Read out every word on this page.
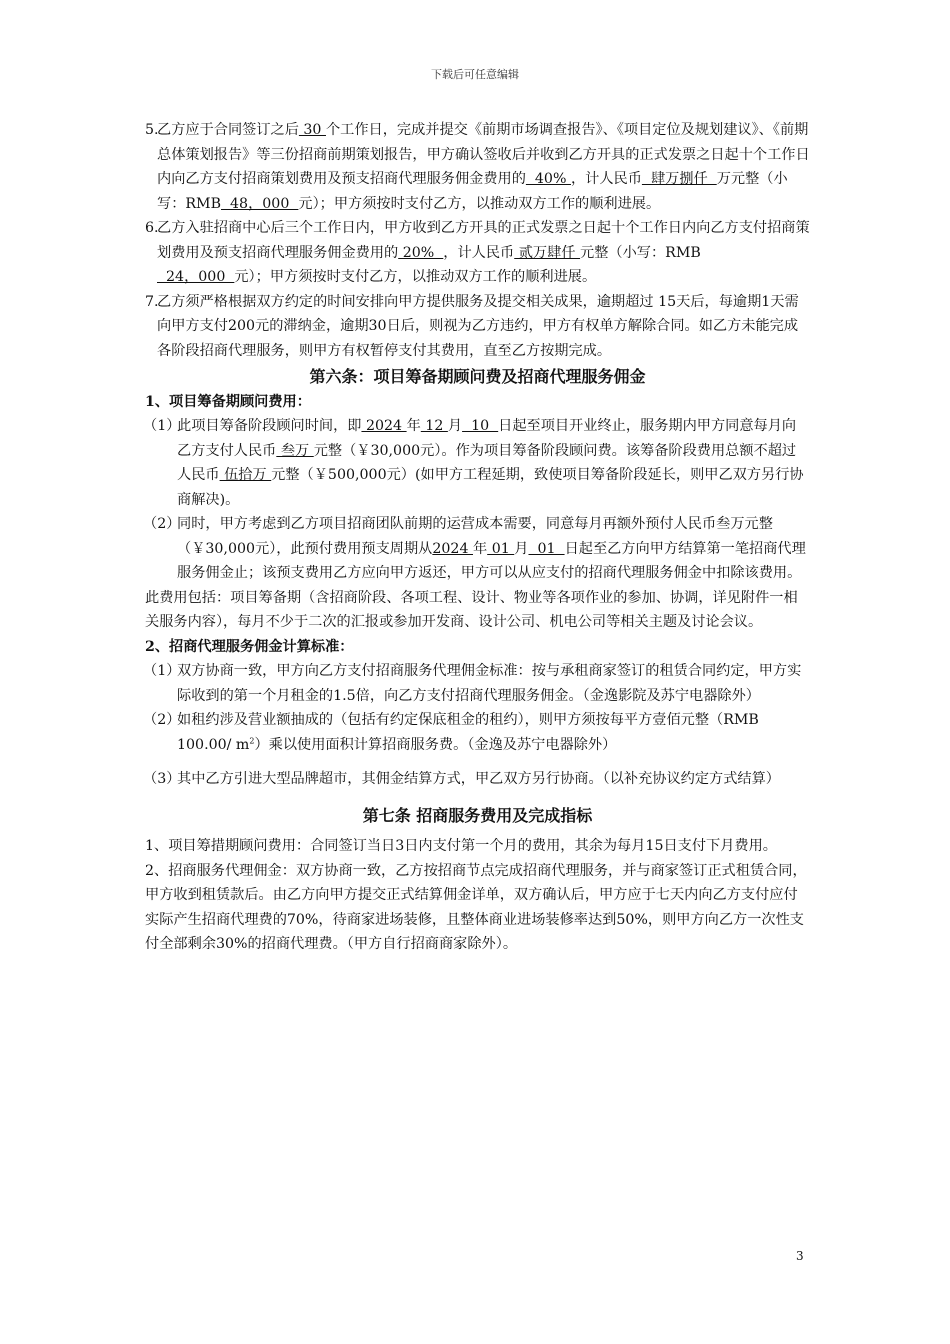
下载后可任意编辑
5.
乙方应于合同签订之后 30 个工作日，完成并提交《前期市场调查报告》、《项目定位及规划建议》、《前期总体策划报告》等三份招商前期策划报告，甲方确认签收后并收到乙方开具的正式发票之日起十个工作日内向乙方支付招商策划费用及预支招商代理服务佣金费用的  40% ，计人民币  肆万捌仟  万元整（小写：RMB  48，000  元）；甲方须按时支付乙方，以推动双方工作的顺利进展。
6.
乙方入驻招商中心后三个工作日内，甲方收到乙方开具的正式发票之日起十个工作日内向乙方支付招商策划费用及预支招商代理服务佣金费用的 20%  ，计人民币 贰万肆仟 元整（小写：RMB  24，000  元）；甲方须按时支付乙方，以推动双方工作的顺利进展。
7.
乙方须严格根据双方约定的时间安排向甲方提供服务及提交相关成果，逾期超过 15天后，每逾期1天需向甲方支付200元的滞纳金，逾期30日后，则视为乙方违约，甲方有权单方解除合同。如乙方未能完成各阶段招商代理服务，则甲方有权暂停支付其费用，直至乙方按期完成。
第六条：项目筹备期顾问费及招商代理服务佣金
1、项目筹备期顾问费用：
（1）
此项目筹备阶段顾问时间，即 2024 年 12 月  10  日起至项目开业终止，服务期内甲方同意每月向乙方支付人民币 叁万 元整（￥30,000元）。作为项目筹备阶段顾问费。该筹备阶段费用总额不超过人民币 伍拾万 元整（￥500,000元）(如甲方工程延期，致使项目筹备阶段延长，则甲乙双方另行协商解决)。
（2）
同时，甲方考虑到乙方项目招商团队前期的运营成本需要，同意每月再额外预付人民币叁万元整（￥30,000元），此预付费用预支周期从2024 年 01 月  01  日起至乙方向甲方结算第一笔招商代理服务佣金止；该预支费用乙方应向甲方返还，甲方可以从应支付的招商代理服务佣金中扣除该费用。
此费用包括：项目筹备期（含招商阶段、各项工程、设计、物业等各项作业的参加、协调，详见附件一相关服务内容），每月不少于二次的汇报或参加开发商、设计公司、机电公司等相关主题及讨论会议。
2、招商代理服务佣金计算标准：
（1）
双方协商一致，甲方向乙方支付招商服务代理佣金标准：按与承租商家签订的租赁合同约定，甲方实际收到的第一个月租金的1.5倍，向乙方支付招商代理服务佣金。（金逸影院及苏宁电器除外）
（2）
如租约涉及营业额抽成的（包括有约定保底租金的租约），则甲方须按每平方壹佰元整（RMB 100.00/ $m^2$）乘以使用面积计算招商服务费。（金逸及苏宁电器除外）
（3）
其中乙方引进大型品牌超市，其佣金结算方式，甲乙双方另行协商。（以补充协议约定方式结算）
第七条 招商服务费用及完成指标
1、项目筹措期顾问费用：合同签订当日3日内支付第一个月的费用，其余为每月15日支付下月费用。
2、招商服务代理佣金：双方协商一致，乙方按招商节点完成招商代理服务，并与商家签订正式租赁合同，甲方收到租赁款后。由乙方向甲方提交正式结算佣金详单，双方确认后，甲方应于七天内向乙方支付应付实际产生招商代理费的70%，待商家进场装修，且整体商业进场装修率达到50%，则甲方向乙方一次性支付全部剩余30%的招商代理费。（甲方自行招商商家除外）。
3
